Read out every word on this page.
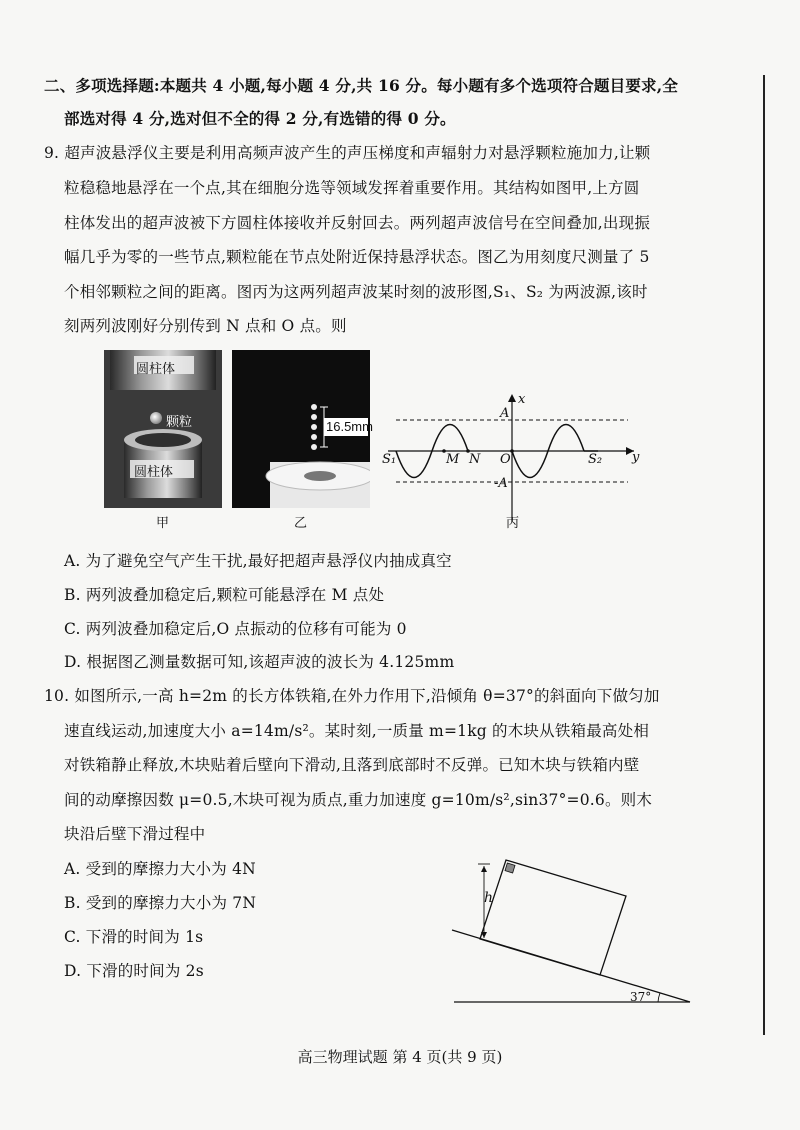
二、多项选择题:本题共 4 小题,每小题 4 分,共 16 分。每小题有多个选项符合题目要求,全
部选对得 4 分,选对但不全的得 2 分,有选错的得 0 分。
9. 超声波悬浮仪主要是利用高频声波产生的声压梯度和声辐射力对悬浮颗粒施加力,让颗
粒稳稳地悬浮在一个点,其在细胞分选等领域发挥着重要作用。其结构如图甲,上方圆
柱体发出的超声波被下方圆柱体接收并反射回去。两列超声波信号在空间叠加,出现振
幅几乎为零的一些节点,颗粒能在节点处附近保持悬浮状态。图乙为用刻度尺测量了 5
个相邻颗粒之间的距离。图丙为这两列超声波某时刻的波形图,S₁、S₂ 为两波源,该时
刻两列波刚好分别传到 N 点和 O 点。则
圆柱体
颗粒
圆柱体
甲
16.5mm
乙
x
y
A
-A
S₁	M N O	S₂
丙
A. 为了避免空气产生干扰,最好把超声悬浮仪内抽成真空
B. 两列波叠加稳定后,颗粒可能悬浮在 M 点处
C. 两列波叠加稳定后,O 点振动的位移有可能为 0
D. 根据图乙测量数据可知,该超声波的波长为 4.125mm
10. 如图所示,一高 h=2m 的长方体铁箱,在外力作用下,沿倾角 θ=37°的斜面向下做匀加
速直线运动,加速度大小 a=14m/s²。某时刻,一质量 m=1kg 的木块从铁箱最高处相
对铁箱静止释放,木块贴着后壁向下滑动,且落到底部时不反弹。已知木块与铁箱内壁
间的动摩擦因数 μ=0.5,木块可视为质点,重力加速度 g=10m/s²,sin37°=0.6。则木
块沿后壁下滑过程中
A. 受到的摩擦力大小为 4N
B. 受到的摩擦力大小为 7N
C. 下滑的时间为 1s
D. 下滑的时间为 2s
h
37°
高三物理试题 第 4 页(共 9 页)
